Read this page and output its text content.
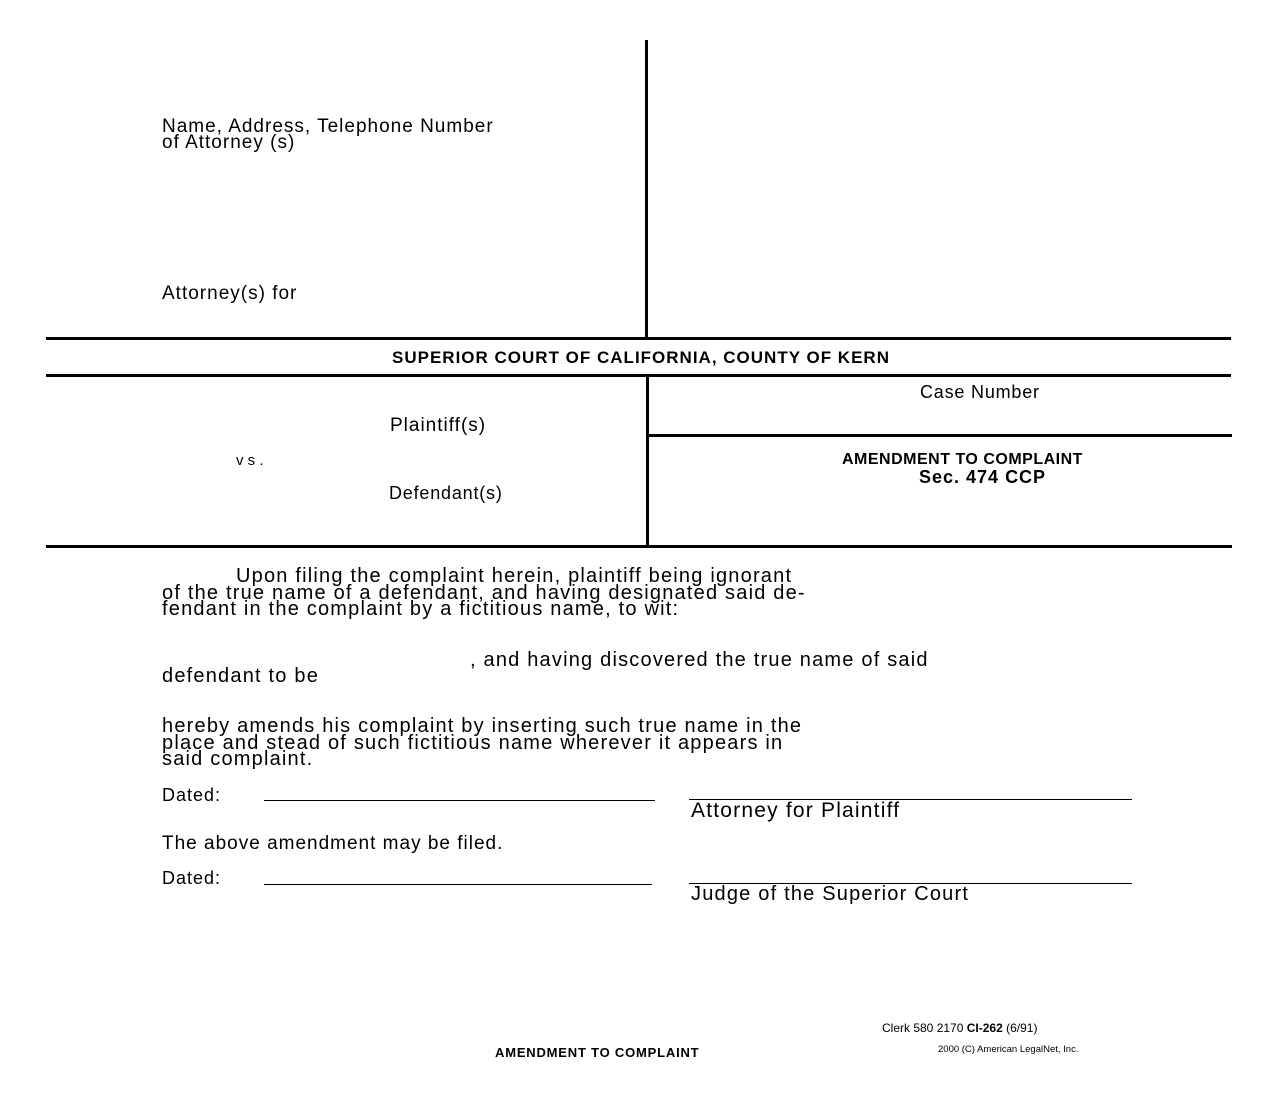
Name, Address, Telephone Number
of Attorney (s)
Attorney(s) for
SUPERIOR COURT OF CALIFORNIA, COUNTY OF KERN
Plaintiff(s)
v s .
Defendant(s)
Case Number
AMENDMENT TO COMPLAINT
Sec. 474 CCP
Upon filing the complaint herein, plaintiff being ignorant
of the true name of a defendant, and having designated said de-
fendant in the complaint by a fictitious name, to wit:
, and having discovered the true name of said
defendant to be
hereby amends his complaint by inserting such true name in the
place and stead of such fictitious name wherever it appears in
said complaint.
Dated:
Attorney for Plaintiff
The above amendment may be filed.
Dated:
Judge of the Superior Court
Clerk 580 2170 CI-262 (6/91)
2000 (C) American LegalNet, Inc.
AMENDMENT TO COMPLAINT
